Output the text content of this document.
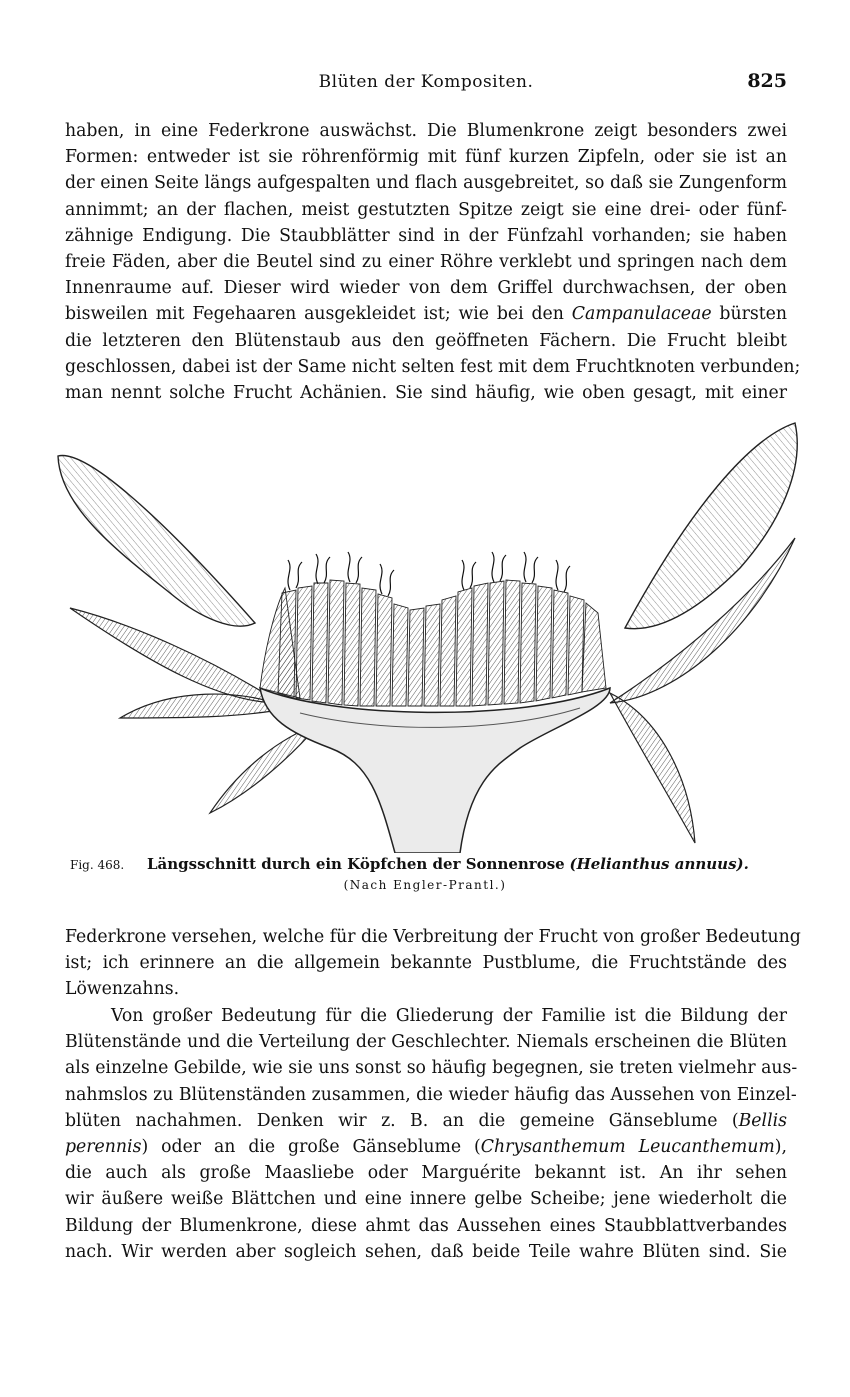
Blüten der Kompositen.	825
haben, in eine Federkrone auswächst. Die Blumenkrone zeigt besonders zwei
Formen: entweder ist sie röhrenförmig mit fünf kurzen Zipfeln, oder sie ist an
der einen Seite längs aufgespalten und flach ausgebreitet, so daß sie Zungenform
annimmt; an der flachen, meist gestutzten Spitze zeigt sie eine drei- oder fünf-
zähnige Endigung. Die Staubblätter sind in der Fünfzahl vorhanden; sie haben
freie Fäden, aber die Beutel sind zu einer Röhre verklebt und springen nach dem
Innenraume auf. Dieser wird wieder von dem Griffel durchwachsen, der oben
bisweilen mit Fegehaaren ausgekleidet ist; wie bei den Campanulaceae bürsten
die letzteren den Blütenstaub aus den geöffneten Fächern. Die Frucht bleibt
geschlossen, dabei ist der Same nicht selten fest mit dem Fruchtknoten verbunden;
man nennt solche Frucht Achänien. Sie sind häufig, wie oben gesagt, mit einer
Fig. 468. Längsschnitt durch ein Köpfchen der Sonnenrose (Helianthus annuus).
(Nach Engler-Prantl.)
Federkrone versehen, welche für die Verbreitung der Frucht von großer Bedeutung
ist; ich erinnere an die allgemein bekannte Pustblume, die Fruchtstände des
Löwenzahns.
Von großer Bedeutung für die Gliederung der Familie ist die Bildung der
Blütenstände und die Verteilung der Geschlechter. Niemals erscheinen die Blüten
als einzelne Gebilde, wie sie uns sonst so häufig begegnen, sie treten vielmehr aus-
nahmslos zu Blütenständen zusammen, die wieder häufig das Aussehen von Einzel-
blüten nachahmen. Denken wir z. B. an die gemeine Gänseblume (Bellis
perennis) oder an die große Gänseblume (Chrysanthemum Leucanthemum),
die auch als große Maasliebe oder Marguérite bekannt ist. An ihr sehen
wir äußere weiße Blättchen und eine innere gelbe Scheibe; jene wiederholt die
Bildung der Blumenkrone, diese ahmt das Aussehen eines Staubblattverbandes
nach. Wir werden aber sogleich sehen, daß beide Teile wahre Blüten sind. Sie
